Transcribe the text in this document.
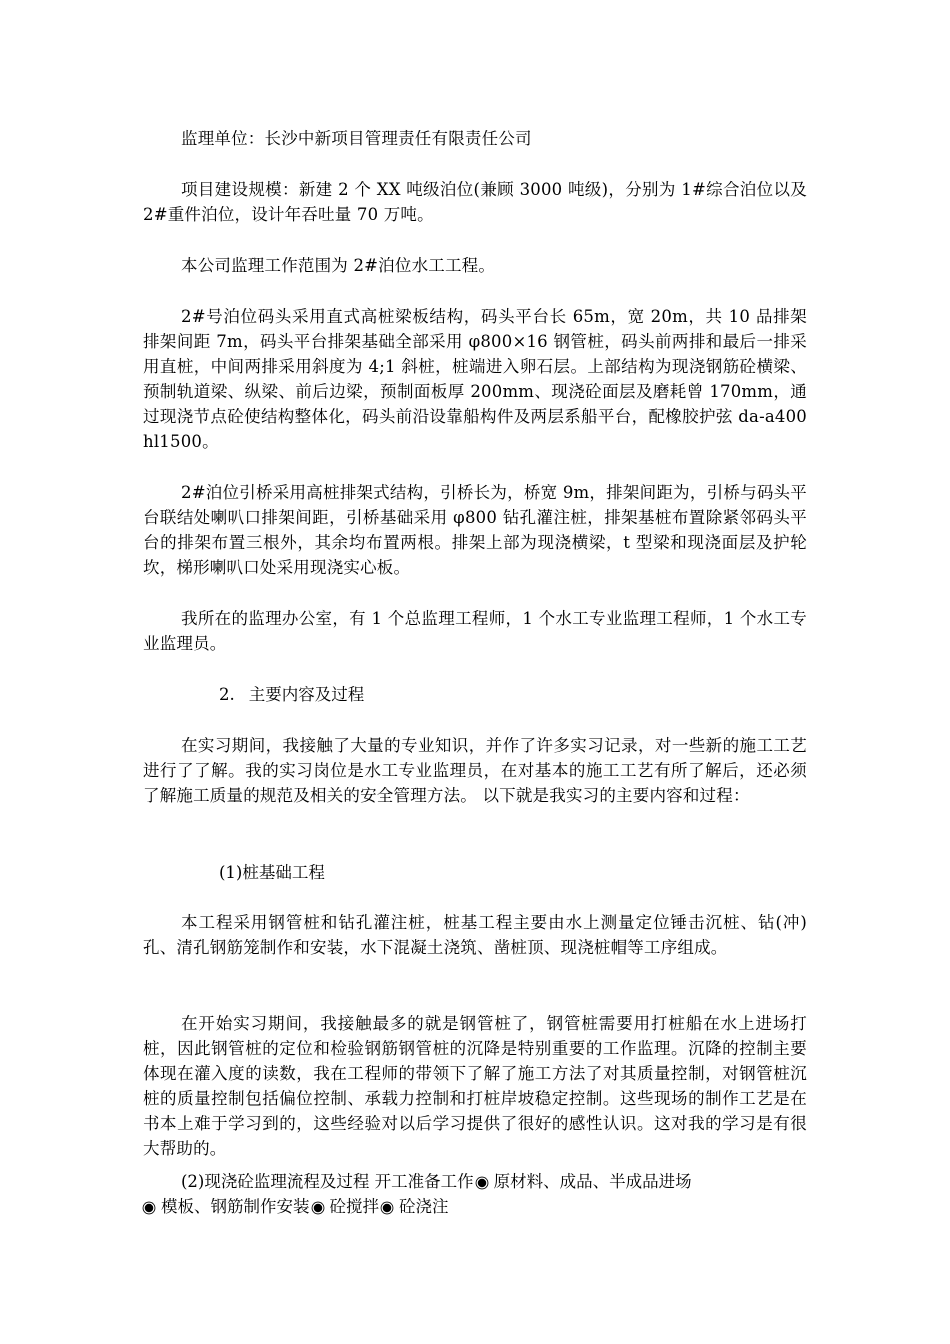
监理单位：长沙中新项目管理责任有限责任公司

项目建设规模：新建 2 个 XX 吨级泊位(兼顾 3000 吨级)，分别为 1#综合泊位以及 2#重件泊位，设计年吞吐量 70 万吨。

本公司监理工作范围为 2#泊位水工工程。

2#号泊位码头采用直式高桩梁板结构，码头平台长 65m，宽 20m，共 10 品排架排架间距 7m，码头平台排架基础全部采用 φ800×16 钢管桩，码头前两排和最后一排采用直桩，中间两排采用斜度为 4;1 斜桩，桩端进入卵石层。上部结构为现浇钢筋砼横梁、预制轨道梁、纵梁、前后边梁，预制面板厚 200mm、现浇砼面层及磨耗曾 170mm，通过现浇节点砼使结构整体化，码头前沿设靠船构件及两层系船平台，配橡胶护弦 da-a400hl1500。

2#泊位引桥采用高桩排架式结构，引桥长为，桥宽 9m，排架间距为，引桥与码头平台联结处喇叭口排架间距，引桥基础采用 φ800 钻孔灌注桩，排架基桩布置除紧邻码头平台的排架布置三根外，其余均布置两根。排架上部为现浇横梁，t 型梁和现浇面层及护轮坎，梯形喇叭口处采用现浇实心板。

我所在的监理办公室，有 1 个总监理工程师，1 个水工专业监理工程师，1 个水工专业监理员。

2. 主要内容及过程

在实习期间，我接触了大量的专业知识，并作了许多实习记录，对一些新的施工工艺进行了了解。我的实习岗位是水工专业监理员，在对基本的施工工艺有所了解后，还必须了解施工质量的规范及相关的安全管理方法。 以下就是我实习的主要内容和过程：

(1)桩基础工程

本工程采用钢管桩和钻孔灌注桩，桩基工程主要由水上测量定位锤击沉桩、钻(冲)孔、清孔钢筋笼制作和安装，水下混凝土浇筑、凿桩顶、现浇桩帽等工序组成。

在开始实习期间，我接触最多的就是钢管桩了，钢管桩需要用打桩船在水上进场打桩，因此钢管桩的定位和检验钢筋钢管桩的沉降是特别重要的工作监理。沉降的控制主要体现在灌入度的读数，我在工程师的带领下了解了施工方法了对其质量控制，对钢管桩沉桩的质量控制包括偏位控制、承载力控制和打桩岸坡稳定控制。这些现场的制作工艺是在书本上难于学习到的，这些经验对以后学习提供了很好的感性认识。这对我的学习是有很大帮助的。

(2)现浇砼监理流程及过程 开工准备工作 原材料、成品、半成品进场
模板、钢筋制作安装 砼搅拌 砼浇注
